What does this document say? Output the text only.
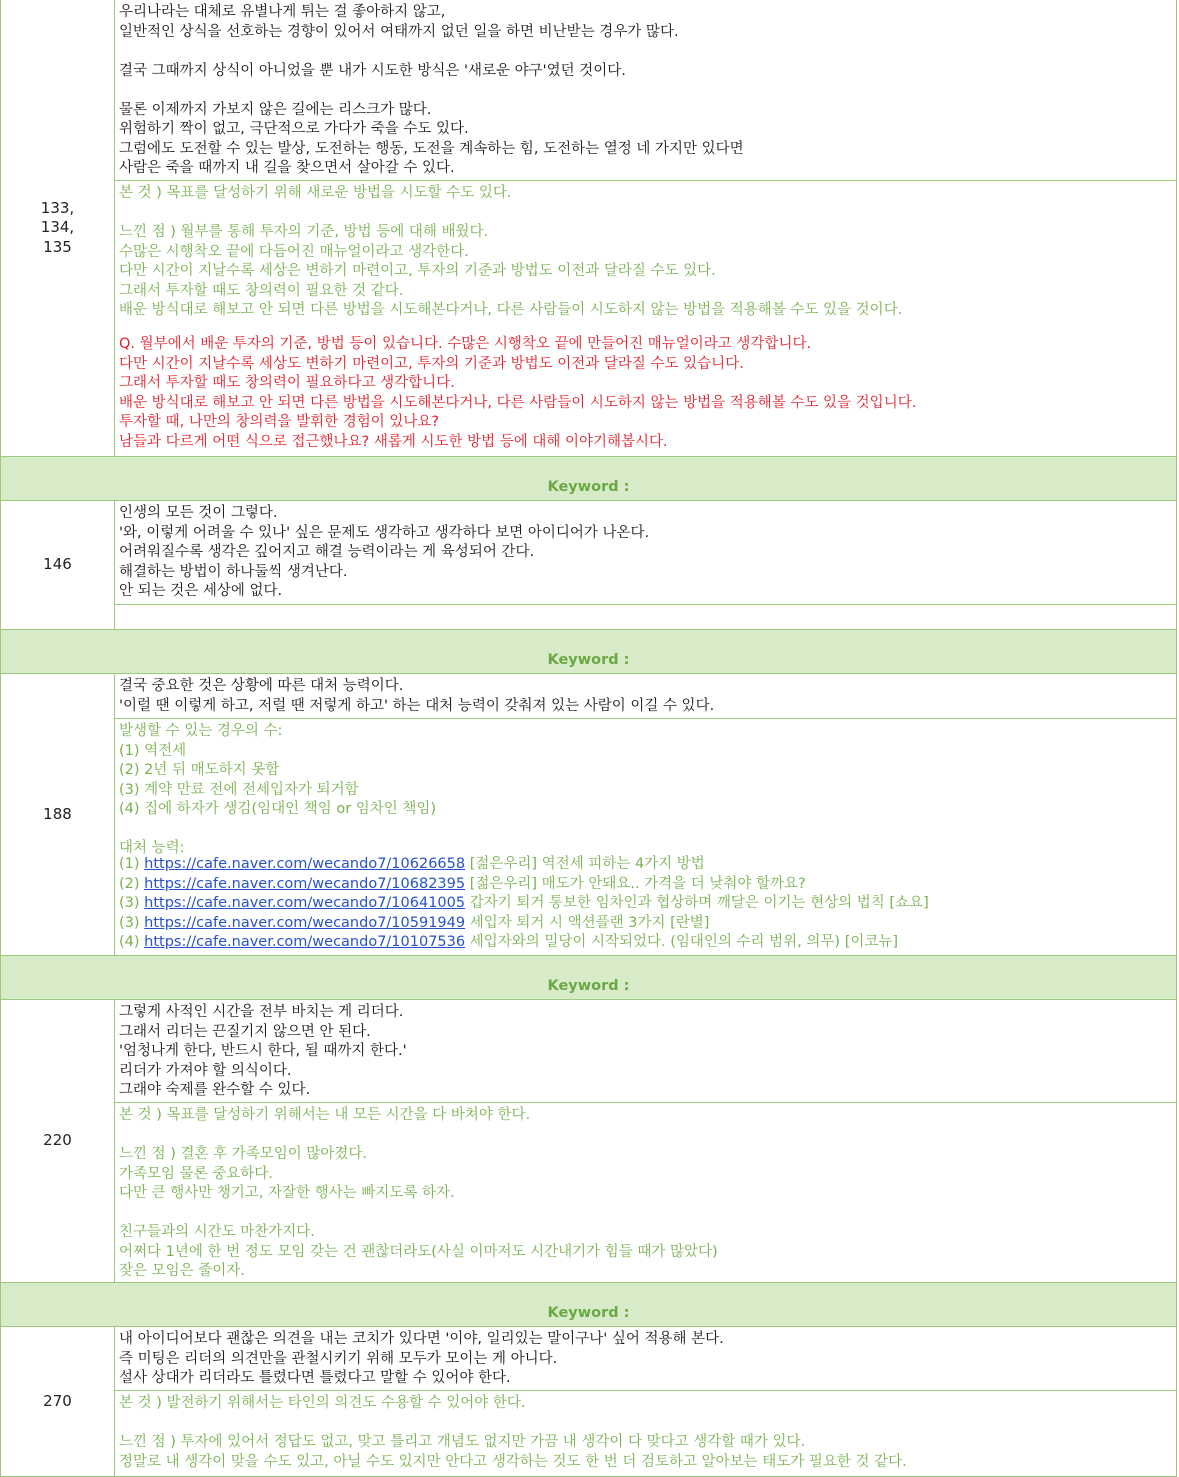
133,
134,
135
우리나라는 대체로 유별나게 튀는 걸 좋아하지 않고,
일반적인 상식을 선호하는 경향이 있어서 여태까지 없던 일을 하면 비난받는 경우가 많다.

결국 그때까지 상식이 아니었을 뿐 내가 시도한 방식은 '새로운 야구'였던 것이다.

물론 이제까지 가보지 않은 길에는 리스크가 많다.
위험하기 짝이 없고, 극단적으로 가다가 죽을 수도 있다.
그럼에도 도전할 수 있는 발상, 도전하는 행동, 도전을 계속하는 힘, 도전하는 열정 네 가지만 있다면
사람은 죽을 때까지 내 길을 찾으면서 살아갈 수 있다.
본 것 ) 목표를 달성하기 위해 새로운 방법을 시도할 수도 있다.

느낀 점 ) 월부를 통해 투자의 기준, 방법 등에 대해 배웠다.
수많은 시행착오 끝에 다듬어진 매뉴얼이라고 생각한다.
다만 시간이 지날수록 세상은 변하기 마련이고, 투자의 기준과 방법도 이전과 달라질 수도 있다.
그래서 투자할 때도 창의력이 필요한 것 같다.
배운 방식대로 해보고 안 되면 다른 방법을 시도해본다거나, 다른 사람들이 시도하지 않는 방법을 적용해볼 수도 있을 것이다.
Q. 월부에서 배운 투자의 기준, 방법 등이 있습니다. 수많은 시행착오 끝에 만들어진 매뉴얼이라고 생각합니다.
다만 시간이 지날수록 세상도 변하기 마련이고, 투자의 기준과 방법도 이전과 달라질 수도 있습니다.
그래서 투자할 때도 창의력이 필요하다고 생각합니다.
배운 방식대로 해보고 안 되면 다른 방법을 시도해본다거나, 다른 사람들이 시도하지 않는 방법을 적용해볼 수도 있을 것입니다.
투자할 때, 나만의 창의력을 발휘한 경험이 있나요?
남들과 다르게 어떤 식으로 접근했나요? 새롭게 시도한 방법 등에 대해 이야기해봅시다.
Keyword :
146
인생의 모든 것이 그렇다.
'와, 이렇게 어려울 수 있나' 싶은 문제도 생각하고 생각하다 보면 아이디어가 나온다.
어려워질수록 생각은 깊어지고 해결 능력이라는 게 육성되어 간다.
해결하는 방법이 하나둘씩 생겨난다.
안 되는 것은 세상에 없다.
Keyword :
188
결국 중요한 것은 상황에 따른 대처 능력이다.
'이럴 땐 이렇게 하고, 저럴 땐 저렇게 하고' 하는 대처 능력이 갖춰져 있는 사람이 이길 수 있다.
발생할 수 있는 경우의 수:
(1) 역전세
(2) 2년 뒤 매도하지 못함
(3) 계약 만료 전에 전세입자가 퇴거함
(4) 집에 하자가 생김(임대인 책임 or 임차인 책임)

대처 능력:
(1) https://cafe.naver.com/wecando7/10626658 [젊은우리] 역전세 피하는 4가지 방법
(2) https://cafe.naver.com/wecando7/10682395 [젊은우리] 매도가 안돼요.. 가격을 더 낮춰야 할까요?
(3) https://cafe.naver.com/wecando7/10641005 갑자기 퇴거 통보한 임차인과 협상하며 깨달은 이기는 현상의 법칙 [쇼요]
(3) https://cafe.naver.com/wecando7/10591949 세입자 퇴거 시 액션플랜 3가지 [란별]
(4) https://cafe.naver.com/wecando7/10107536 세입자와의 밀당이 시작되었다. (임대인의 수리 범위, 의무) [이코뉴]
Keyword :
220
그렇게 사적인 시간을 전부 바치는 게 리더다.
그래서 리더는 끈질기지 않으면 안 된다.
'엄청나게 한다, 반드시 한다, 될 때까지 한다.'
리더가 가져야 할 의식이다.
그래야 숙제를 완수할 수 있다.
본 것 ) 목표를 달성하기 위해서는 내 모든 시간을 다 바쳐야 한다.

느낀 점 ) 결혼 후 가족모임이 많아졌다.
가족모임 물론 중요하다.
다만 큰 행사만 챙기고, 자잘한 행사는 빠지도록 하자.

친구들과의 시간도 마찬가지다.
어쩌다 1년에 한 번 정도 모임 갖는 건 괜찮더라도(사실 이마저도 시간내기가 힘들 때가 많았다)
잦은 모임은 줄이자.
Keyword :
270
내 아이디어보다 괜찮은 의견을 내는 코치가 있다면 '이야, 일리있는 말이구나' 싶어 적용해 본다.
즉 미팅은 리더의 의견만을 관철시키기 위해 모두가 모이는 게 아니다.
설사 상대가 리더라도 틀렸다면 틀렸다고 말할 수 있어야 한다.
본 것 ) 발전하기 위해서는 타인의 의견도 수용할 수 있어야 한다.

느낀 점 ) 투자에 있어서 정답도 없고, 맞고 틀리고 개념도 없지만 가끔 내 생각이 다 맞다고 생각할 때가 있다.
정말로 내 생각이 맞을 수도 있고, 아닐 수도 있지만 안다고 생각하는 것도 한 번 더 검토하고 알아보는 태도가 필요한 것 같다.
